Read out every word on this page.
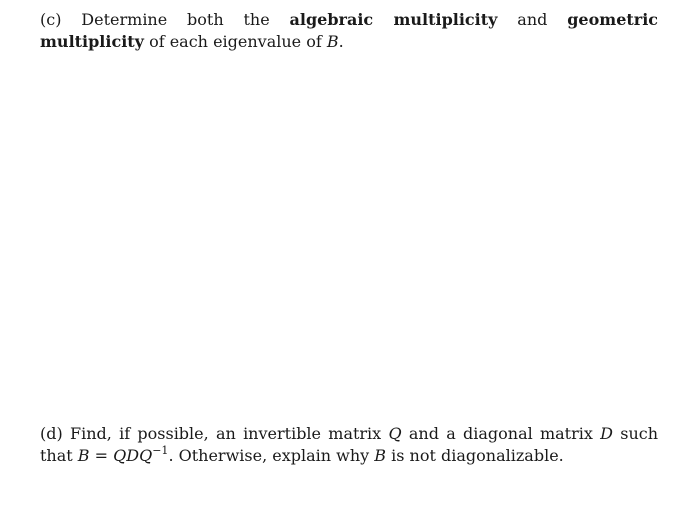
(c) Determine both the algebraic multiplicity and geometric multiplicity of each eigenvalue of B.
(d) Find, if possible, an invertible matrix Q and a diagonal matrix D such that $B = QDQ^{-1}$. Otherwise, explain why B is not diagonalizable.
